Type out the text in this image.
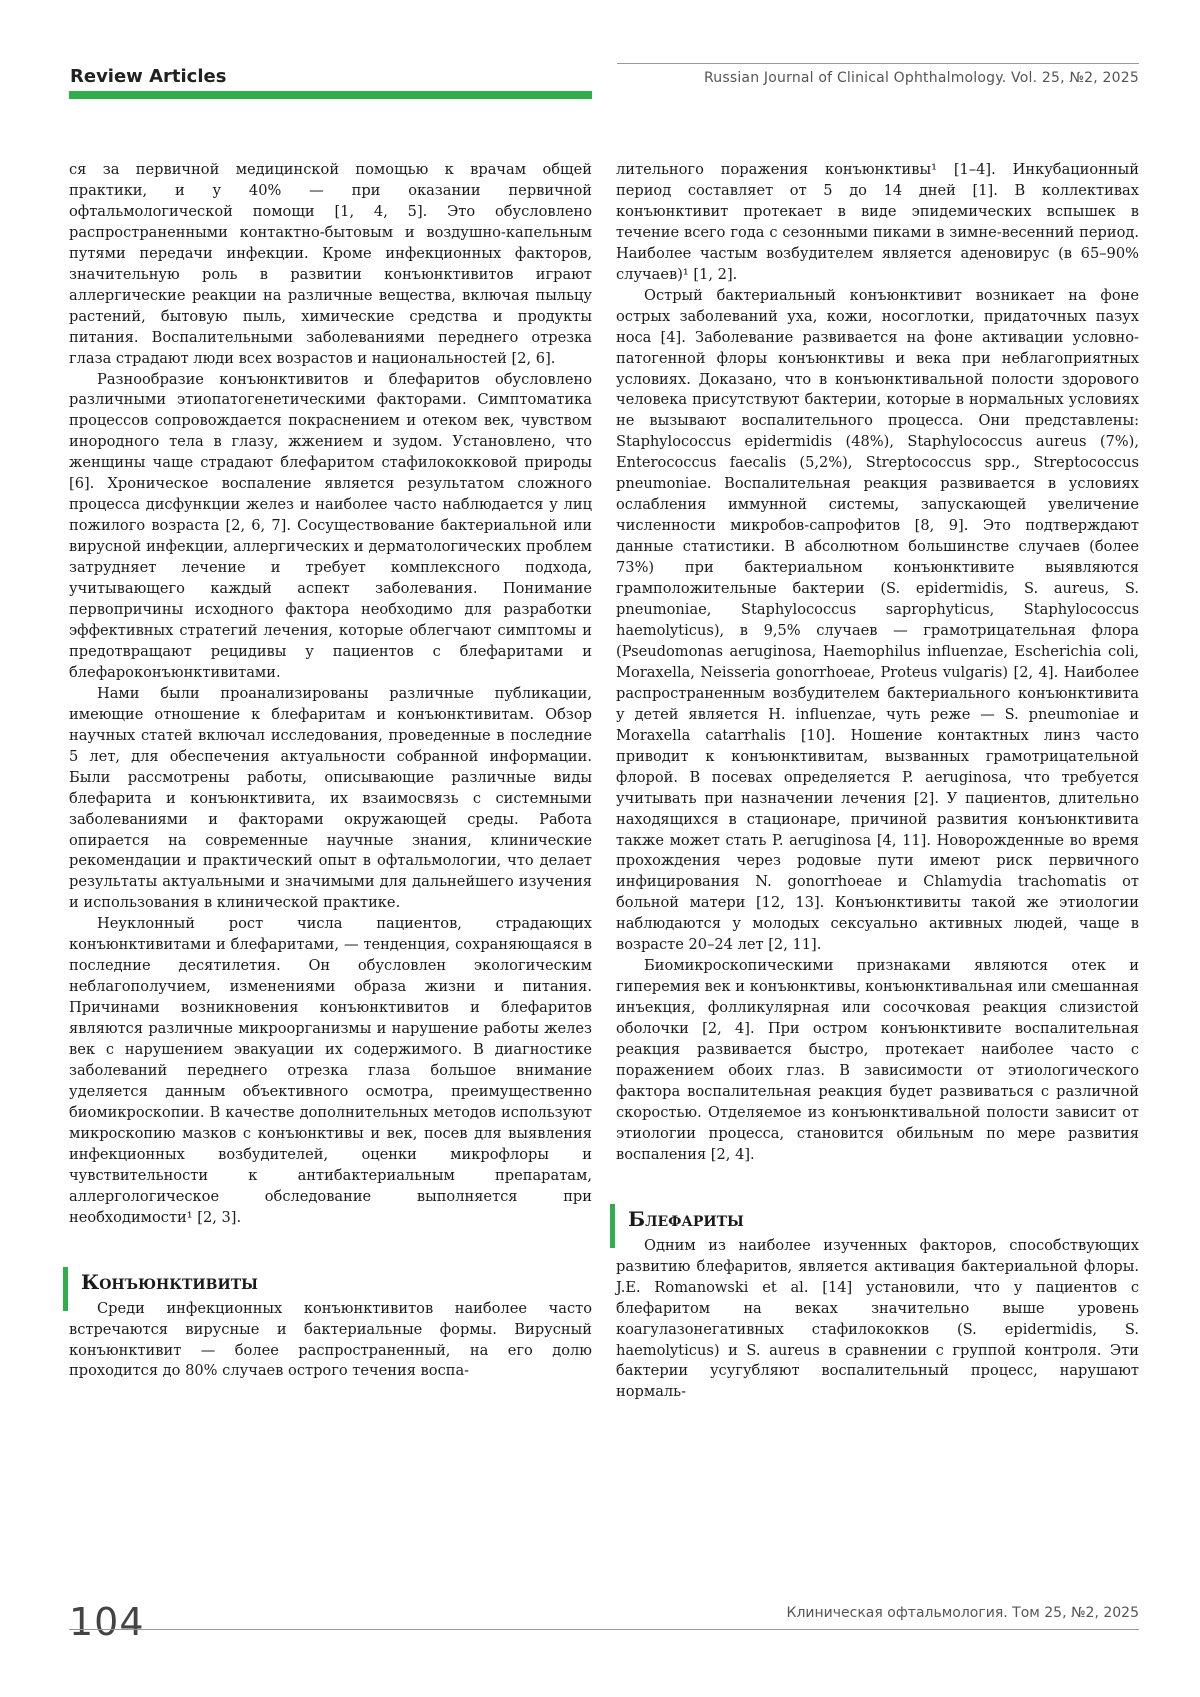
Review Articles	Russian Journal of Clinical Ophthalmology. Vol. 25, №2, 2025

ся за первичной медицинской помощью к врачам общей практики, и у 40% — при оказании первичной офтальмологической помощи [1, 4, 5]. Это обусловлено распространенными контактно-бытовым и воздушно-капельным путями передачи инфекции. Кроме инфекционных факторов, значительную роль в развитии конъюнктивитов играют аллергические реакции на различные вещества, включая пыльцу растений, бытовую пыль, химические средства и продукты питания. Воспалительными заболеваниями переднего отрезка глаза страдают люди всех возрастов и национальностей [2, 6].

Разнообразие конъюнктивитов и блефаритов обусловлено различными этиопатогенетическими факторами. Симптоматика процессов сопровождается покраснением и отеком век, чувством инородного тела в глазу, жжением и зудом. Установлено, что женщины чаще страдают блефаритом стафилококковой природы [6]. Хроническое воспаление является результатом сложного процесса дисфункции желез и наиболее часто наблюдается у лиц пожилого возраста [2, 6, 7]. Сосуществование бактериальной или вирусной инфекции, аллергических и дерматологических проблем затрудняет лечение и требует комплексного подхода, учитывающего каждый аспект заболевания. Понимание первопричины исходного фактора необходимо для разработки эффективных стратегий лечения, которые облегчают симптомы и предотвращают рецидивы у пациентов с блефаритами и блефароконъюнктивитами.

Нами были проанализированы различные публикации, имеющие отношение к блефаритам и конъюнктивитам. Обзор научных статей включал исследования, проведенные в последние 5 лет, для обеспечения актуальности собранной информации. Были рассмотрены работы, описывающие различные виды блефарита и конъюнктивита, их взаимосвязь с системными заболеваниями и факторами окружающей среды. Работа опирается на современные научные знания, клинические рекомендации и практический опыт в офтальмологии, что делает результаты актуальными и значимыми для дальнейшего изучения и использования в клинической практике.

Неуклонный рост числа пациентов, страдающих конъюнктивитами и блефаритами, — тенденция, сохраняющаяся в последние десятилетия. Он обусловлен экологическим неблагополучием, изменениями образа жизни и питания. Причинами возникновения конъюнктивитов и блефаритов являются различные микроорганизмы и нарушение работы желез век с нарушением эвакуации их содержимого. В диагностике заболеваний переднего отрезка глаза большое внимание уделяется данным объективного осмотра, преимущественно биомикроскопии. В качестве дополнительных методов используют микроскопию мазков с конъюнктивы и век, посев для выявления инфекционных возбудителей, оценки микрофлоры и чувствительности к антибактериальным препаратам, аллергологическое обследование выполняется при необходимости¹ [2, 3].

Конъюнктивиты

Среди инфекционных конъюнктивитов наиболее часто встречаются вирусные и бактериальные формы. Вирусный конъюнктивит — более распространенный, на его долю проходится до 80% случаев острого течения воспа-

лительного поражения конъюнктивы¹ [1–4]. Инкубационный период составляет от 5 до 14 дней [1]. В коллективах конъюнктивит протекает в виде эпидемических вспышек в течение всего года с сезонными пиками в зимне-весенний период. Наиболее частым возбудителем является аденовирус (в 65–90% случаев)¹ [1, 2].

Острый бактериальный конъюнктивит возникает на фоне острых заболеваний уха, кожи, носоглотки, придаточных пазух носа [4]. Заболевание развивается на фоне активации условно-патогенной флоры конъюнктивы и века при неблагоприятных условиях. Доказано, что в конъюнктивальной полости здорового человека присутствуют бактерии, которые в нормальных условиях не вызывают воспалительного процесса. Они представлены: Staphylococcus epidermidis (48%), Staphylococcus aureus (7%), Enterococcus faecalis (5,2%), Streptococcus spp., Streptococcus pneumoniae. Воспалительная реакция развивается в условиях ослабления иммунной системы, запускающей увеличение численности микробов-сапрофитов [8, 9]. Это подтверждают данные статистики. В абсолютном большинстве случаев (более 73%) при бактериальном конъюнктивите выявляются грамположительные бактерии (S. epidermidis, S. aureus, S. pneumoniae, Staphylococcus saprophyticus, Staphylococcus haemolyticus), в 9,5% случаев — грамотрицательная флора (Pseudomonas aeruginosa, Haemophilus influenzae, Escherichia coli, Moraxella, Neisseria gonorrhoeae, Proteus vulgaris) [2, 4]. Наиболее распространенным возбудителем бактериального конъюнктивита у детей является H. influenzae, чуть реже — S. pneumoniae и Moraxella catarrhalis [10]. Ношение контактных линз часто приводит к конъюнктивитам, вызванных грамотрицательной флорой. В посевах определяется P. aeruginosa, что требуется учитывать при назначении лечения [2]. У пациентов, длительно находящихся в стационаре, причиной развития конъюнктивита также может стать P. aeruginosa [4, 11]. Новорожденные во время прохождения через родовые пути имеют риск первичного инфицирования N. gonorrhoeae и Chlamydia trachomatis от больной матери [12, 13]. Конъюнктивиты такой же этиологии наблюдаются у молодых сексуально активных людей, чаще в возрасте 20–24 лет [2, 11].

Биомикроскопическими признаками являются отек и гиперемия век и конъюнктивы, конъюнктивальная или смешанная инъекция, фолликулярная или сосочковая реакция слизистой оболочки [2, 4]. При остром конъюнктивите воспалительная реакция развивается быстро, протекает наиболее часто с поражением обоих глаз. В зависимости от этиологического фактора воспалительная реакция будет развиваться с различной скоростью. Отделяемое из конъюнктивальной полости зависит от этиологии процесса, становится обильным по мере развития воспаления [2, 4].

Блефариты

Одним из наиболее изученных факторов, способствующих развитию блефаритов, является активация бактериальной флоры. J.E. Romanowski et al. [14] установили, что у пациентов с блефаритом на веках значительно выше уровень коагулазонегативных стафилококков (S. epidermidis, S. haemolyticus) и S. aureus в сравнении с группой контроля. Эти бактерии усугубляют воспалительный процесс, нарушают нормаль-

104	Клиническая офтальмология. Том 25, №2, 2025
